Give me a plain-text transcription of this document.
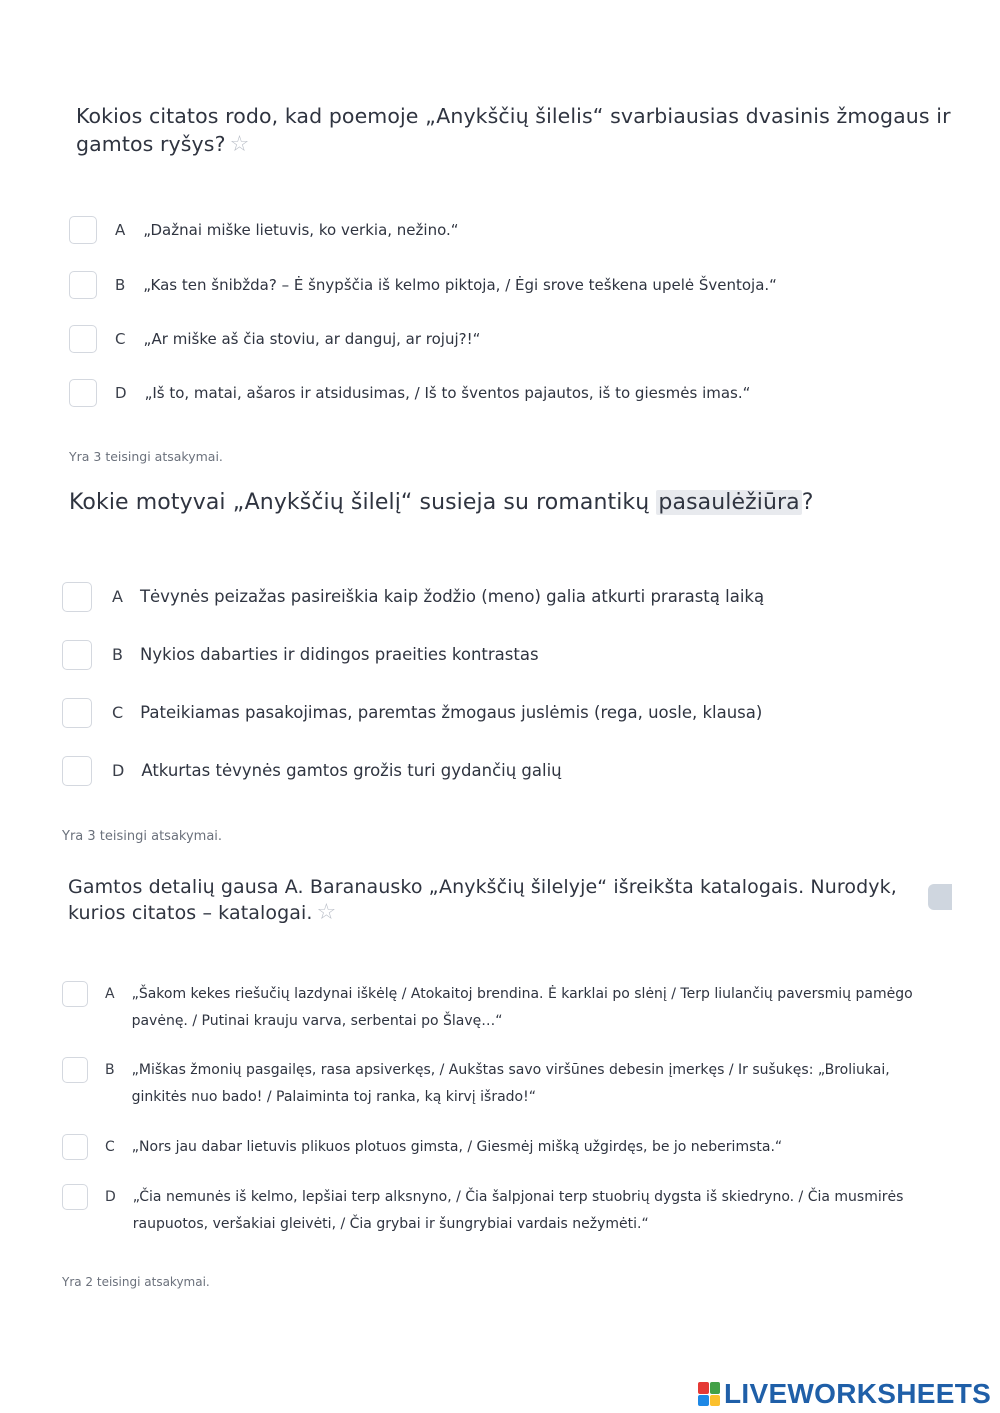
Kokios citatos rodo, kad poemoje „Anykščių šilelis“ svarbiausias dvasinis žmogaus ir
gamtos ryšys? ☆
A „Dažnai miške lietuvis, ko verkia, nežino.“
B „Kas ten šnibžda? – Ė šnypščia iš kelmo piktoja, / Ėgi srove teškena upelė Šventoja.“
C „Ar miške aš čia stoviu, ar danguj, ar rojuj?!“
D „Iš to, matai, ašaros ir atsidusimas, / Iš to šventos pajautos, iš to giesmės imas.“
Yra 3 teisingi atsakymai.
Kokie motyvai „Anykščių šilelį“ susieja su romantikų pasaulėžiūra?
A Tėvynės peizažas pasireiškia kaip žodžio (meno) galia atkurti prarastą laiką
B Nykios dabarties ir didingos praeities kontrastas
C Pateikiamas pasakojimas, paremtas žmogaus juslėmis (rega, uosle, klausa)
D Atkurtas tėvynės gamtos grožis turi gydančių galių
Yra 3 teisingi atsakymai.
Gamtos detalių gausa A. Baranausko „Anykščių šilelyje“ išreikšta katalogais. Nurodyk,
kurios citatos – katalogai. ☆
A „Šakom kekes riešučių lazdynai iškėlę / Atokaitoj brendina. Ė karklai po slėnį / Terp liulančių paversmių pamėgo
pavėnę. / Putinai krauju varva, serbentai po Šlavę…“
B „Miškas žmonių pasgailęs, rasa apsiverkęs, / Aukštas savo viršūnes debesin įmerkęs / Ir sušukęs: „Broliukai,
ginkitės nuo bado! / Palaiminta toj ranka, ką kirvį išrado!“
C „Nors jau dabar lietuvis plikuos plotuos gimsta, / Giesmėj mišką užgirdęs, be jo neberimsta.“
D „Čia nemunės iš kelmo, lepšiai terp alksnyno, / Čia šalpjonai terp stuobrių dygsta iš skiedryno. / Čia musmirės
raupuotos, veršakiai gleivėti, / Čia grybai ir šungrybiai vardais nežymėti.“
Yra 2 teisingi atsakymai.
LIVEWORKSHEETS
